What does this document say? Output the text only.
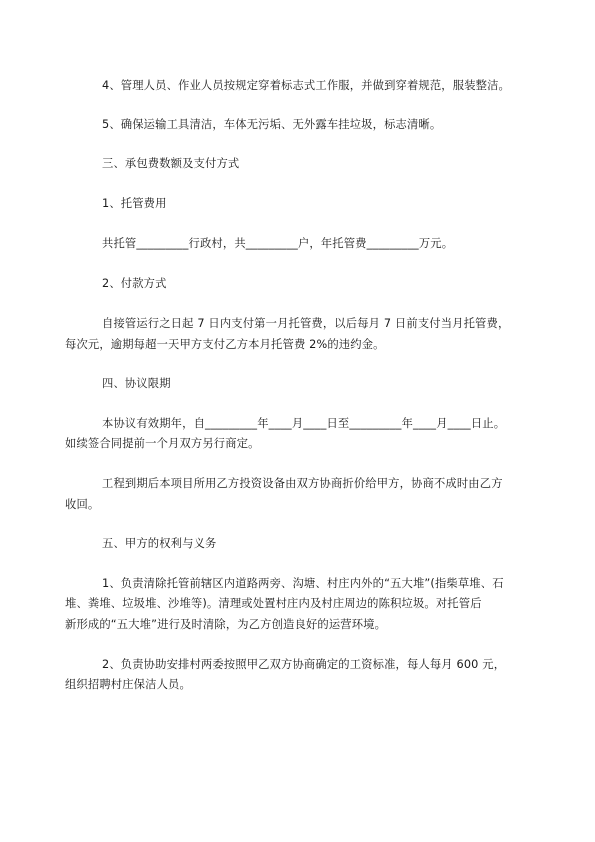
4、管理人员、作业人员按规定穿着标志式工作服，并做到穿着规范，服装整洁。
5、确保运输工具清洁，车体无污垢、无外露车挂垃圾，标志清晰。
三、承包费数额及支付方式
1、托管费用
共托管_________行政村，共_________户，年托管费_________万元。
2、付款方式
自接管运行之日起 7 日内支付第一月托管费，以后每月 7 日前支付当月托管费，
每次元，逾期每超一天甲方支付乙方本月托管费 2%的违约金。
四、协议限期
本协议有效期年，自_________年____月____日至_________年____月____日止。
如续签合同提前一个月双方另行商定。
工程到期后本项目所用乙方投资设备由双方协商折价给甲方，协商不成时由乙方
收回。
五、甲方的权利与义务
1、负责清除托管前辖区内道路两旁、沟塘、村庄内外的“五大堆”(指柴草堆、石
堆、粪堆、垃圾堆、沙堆等)。清理或处置村庄内及村庄周边的陈积垃圾。对托管后
新形成的“五大堆”进行及时清除，为乙方创造良好的运营环境。
2、负责协助安排村两委按照甲乙双方协商确定的工资标准，每人每月 600 元，
组织招聘村庄保洁人员。
